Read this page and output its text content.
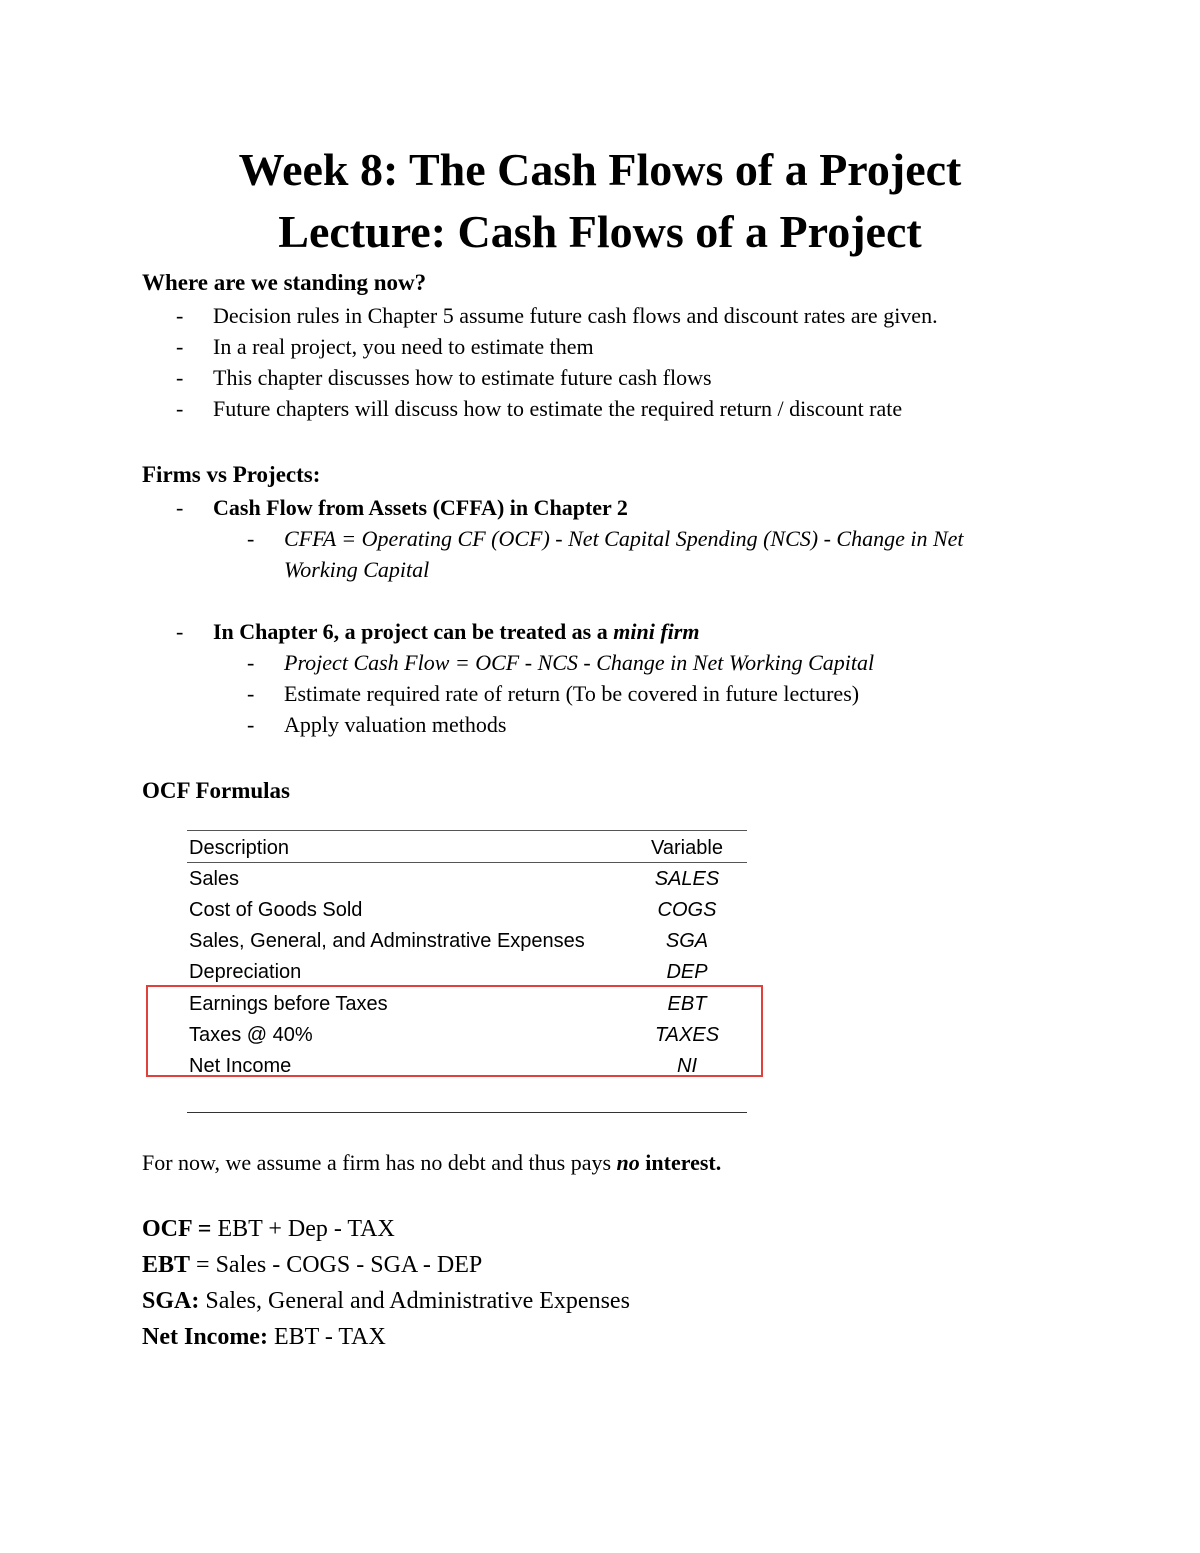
Week 8: The Cash Flows of a Project
Lecture: Cash Flows of a Project
Where are we standing now?
- Decision rules in Chapter 5 assume future cash flows and discount rates are given.
- In a real project, you need to estimate them
- This chapter discusses how to estimate future cash flows
- Future chapters will discuss how to estimate the required return / discount rate
Firms vs Projects:
- Cash Flow from Assets (CFFA) in Chapter 2
- CFFA = Operating CF (OCF) - Net Capital Spending (NCS) - Change in Net
Working Capital
- In Chapter 6, a project can be treated as a mini firm
- Project Cash Flow = OCF - NCS - Change in Net Working Capital
- Estimate required rate of return (To be covered in future lectures)
- Apply valuation methods
OCF Formulas
Description	Variable
Sales	SALES
Cost of Goods Sold	COGS
Sales, General, and Adminstrative Expenses	SGA
Depreciation	DEP
Earnings before Taxes	EBT
Taxes @ 40%	TAXES
Net Income	NI

For now, we assume a firm has no debt and thus pays no interest.

OCF = EBT + Dep - TAX

EBT = Sales - COGS - SGA - DEP

SGA: Sales, General and Administrative Expenses

Net Income: EBT - TAX
